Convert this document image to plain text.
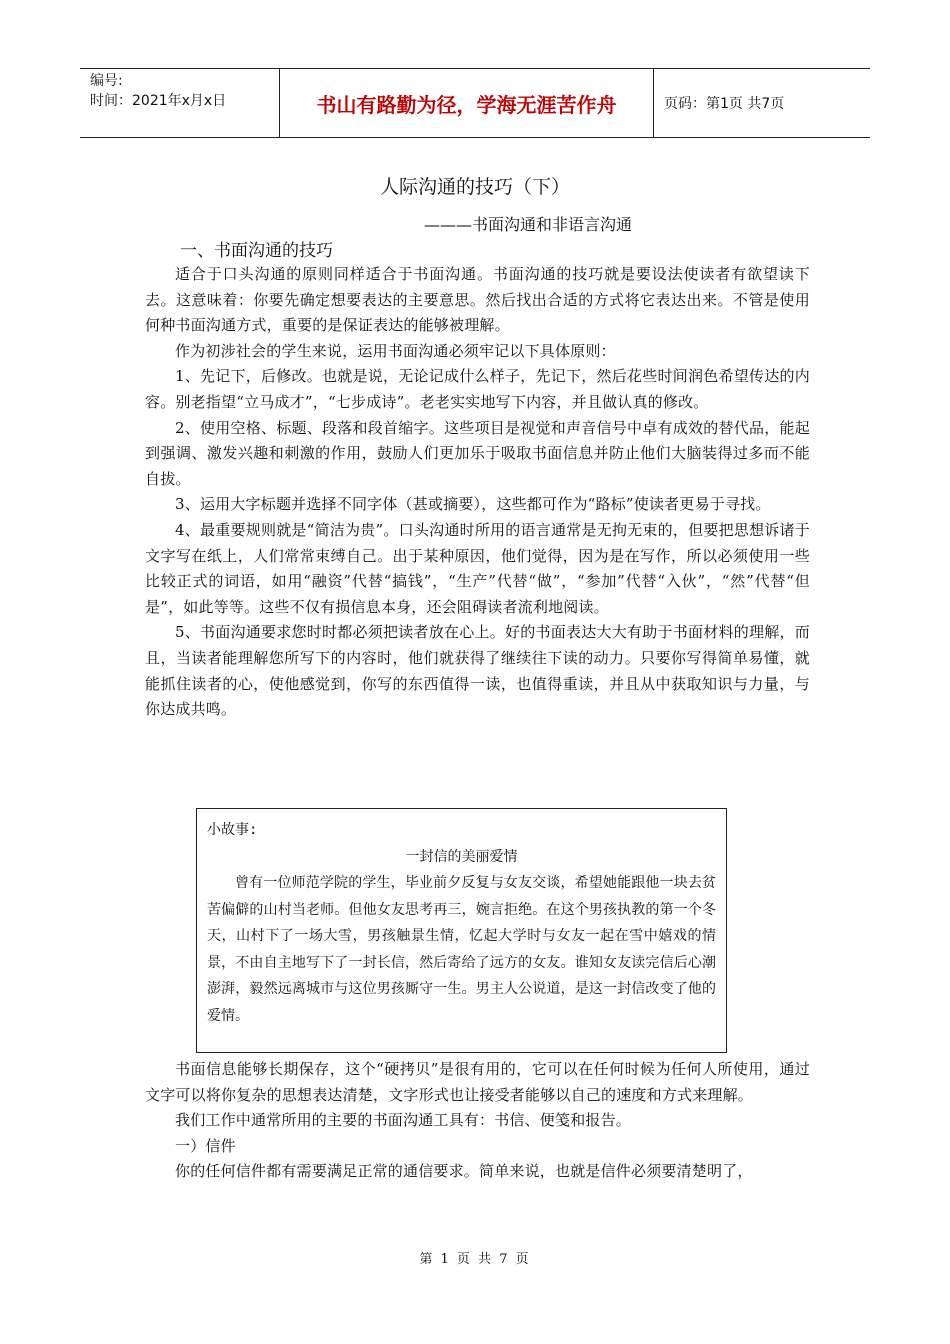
编号:
时间：2021年x月x日	书山有路勤为径，学海无涯苦作舟	页码：第1页 共7页
人际沟通的技巧（下）
———书面沟通和非语言沟通
一、书面沟通的技巧

适合于口头沟通的原则同样适合于书面沟通。书面沟通的技巧就是要设法使读者有欲望读下去。这意味着：你要先确定想要表达的主要意思。然后找出合适的方式将它表达出来。不管是使用何种书面沟通方式，重要的是保证表达的能够被理解。

作为初涉社会的学生来说，运用书面沟通必须牢记以下具体原则：

1、先记下，后修改。也就是说，无论记成什么样子，先记下，然后花些时间润色希望传达的内容。别老指望“立马成才”，“七步成诗”。老老实实地写下内容，并且做认真的修改。

2、使用空格、标题、段落和段首缩字。这些项目是视觉和声音信号中卓有成效的替代品，能起到强调、激发兴趣和刺激的作用，鼓励人们更加乐于吸取书面信息并防止他们大脑装得过多而不能自拔。

3、运用大字标题并选择不同字体（甚或摘要），这些都可作为“路标”使读者更易于寻找。

4、最重要规则就是“简洁为贵”。口头沟通时所用的语言通常是无拘无束的，但要把思想诉诸于文字写在纸上，人们常常束缚自己。出于某种原因，他们觉得，因为是在写作，所以必须使用一些比较正式的词语，如用“融资”代替“搞钱”，“生产”代替“做”，“参加”代替“入伙”，“然”代替“但是”，如此等等。这些不仅有损信息本身，还会阻碍读者流利地阅读。

5、书面沟通要求您时时都必须把读者放在心上。好的书面表达大大有助于书面材料的理解，而且，当读者能理解您所写下的内容时，他们就获得了继续往下读的动力。只要你写得简单易懂，就能抓住读者的心，使他感觉到，你写的东西值得一读，也值得重读，并且从中获取知识与力量，与你达成共鸣。

小故事:

一封信的美丽爱情

曾有一位师范学院的学生，毕业前夕反复与女友交谈，希望她能跟他一块去贫苦偏僻的山村当老师。但他女友思考再三，婉言拒绝。在这个男孩执教的第一个冬天，山村下了一场大雪，男孩触景生情，忆起大学时与女友一起在雪中嬉戏的情景，不由自主地写下了一封长信，然后寄给了远方的女友。谁知女友读完信后心潮澎湃，毅然远离城市与这位男孩厮守一生。男主人公说道，是这一封信改变了他的爱情。

书面信息能够长期保存，这个“硬拷贝”是很有用的，它可以在任何时候为任何人所使用，通过文字可以将你复杂的思想表达清楚，文字形式也让接受者能够以自己的速度和方式来理解。

我们工作中通常所用的主要的书面沟通工具有：书信、便笺和报告。

一）信件

你的任何信件都有需要满足正常的通信要求。简单来说，也就是信件必须要清楚明了，

第 1 页 共 7 页
